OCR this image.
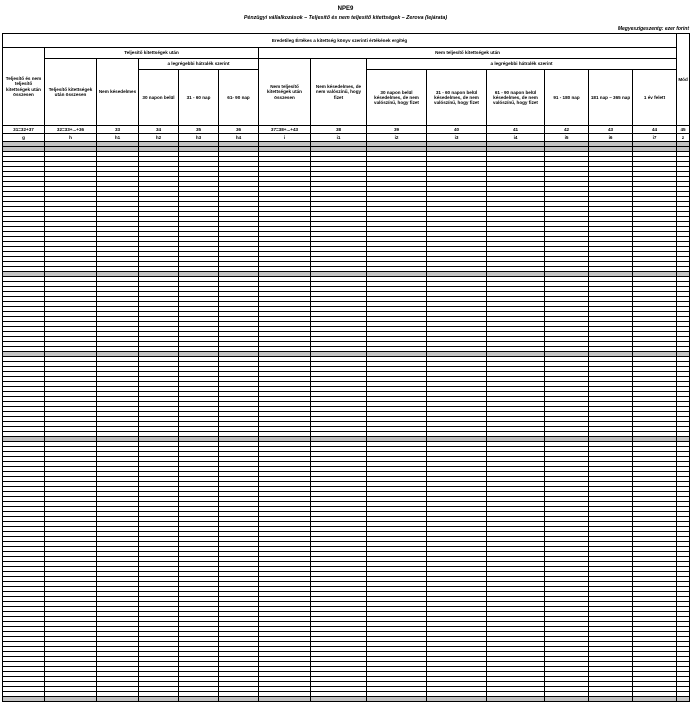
NPE9
Pénzügyi vállalkozások – Teljesítő és nem teljesítő kitettségek – Zerova (lejárata)
Megyeszigeszentg: ezer forint
Eredetileg Értékes a kitettség könyv szerinti értékének ergítég														Mód
Teljesítő és nem teljesítő kitettségek után összesen	Teljesítő kitettségek után					Nem teljesítő kitettségek után								
	Teljesítő kitettségek után összesen	Nem késedelmes	a legrégebbi hátralék szerint			Nem teljesítő kitettségek után összesen	Nem késedelmes, de nem valószínű, hogy fizet	a legrégebbi hátralék szerint						
			30 napon belül	31 - 60 nap	61- 90 nap			30 napon belül késedelmes, de nem valószínű, hogy fizet	31 - 60 napon belül késedelmes, de nem valószínű, hogy fizet	61 - 90 napon belül késedelmes, de nem valószínű, hogy fizet	91 - 180 nap	181 nap – 365 nap	1 év felett	
31=32+37	32=33+...+36	33	34	35	36	37=38+...+43	38	39	40	41	42	43	44	45
g	h	h1	h2	h3	h4	i	i1	i2	i3	i4	i5	i6	i7	z
